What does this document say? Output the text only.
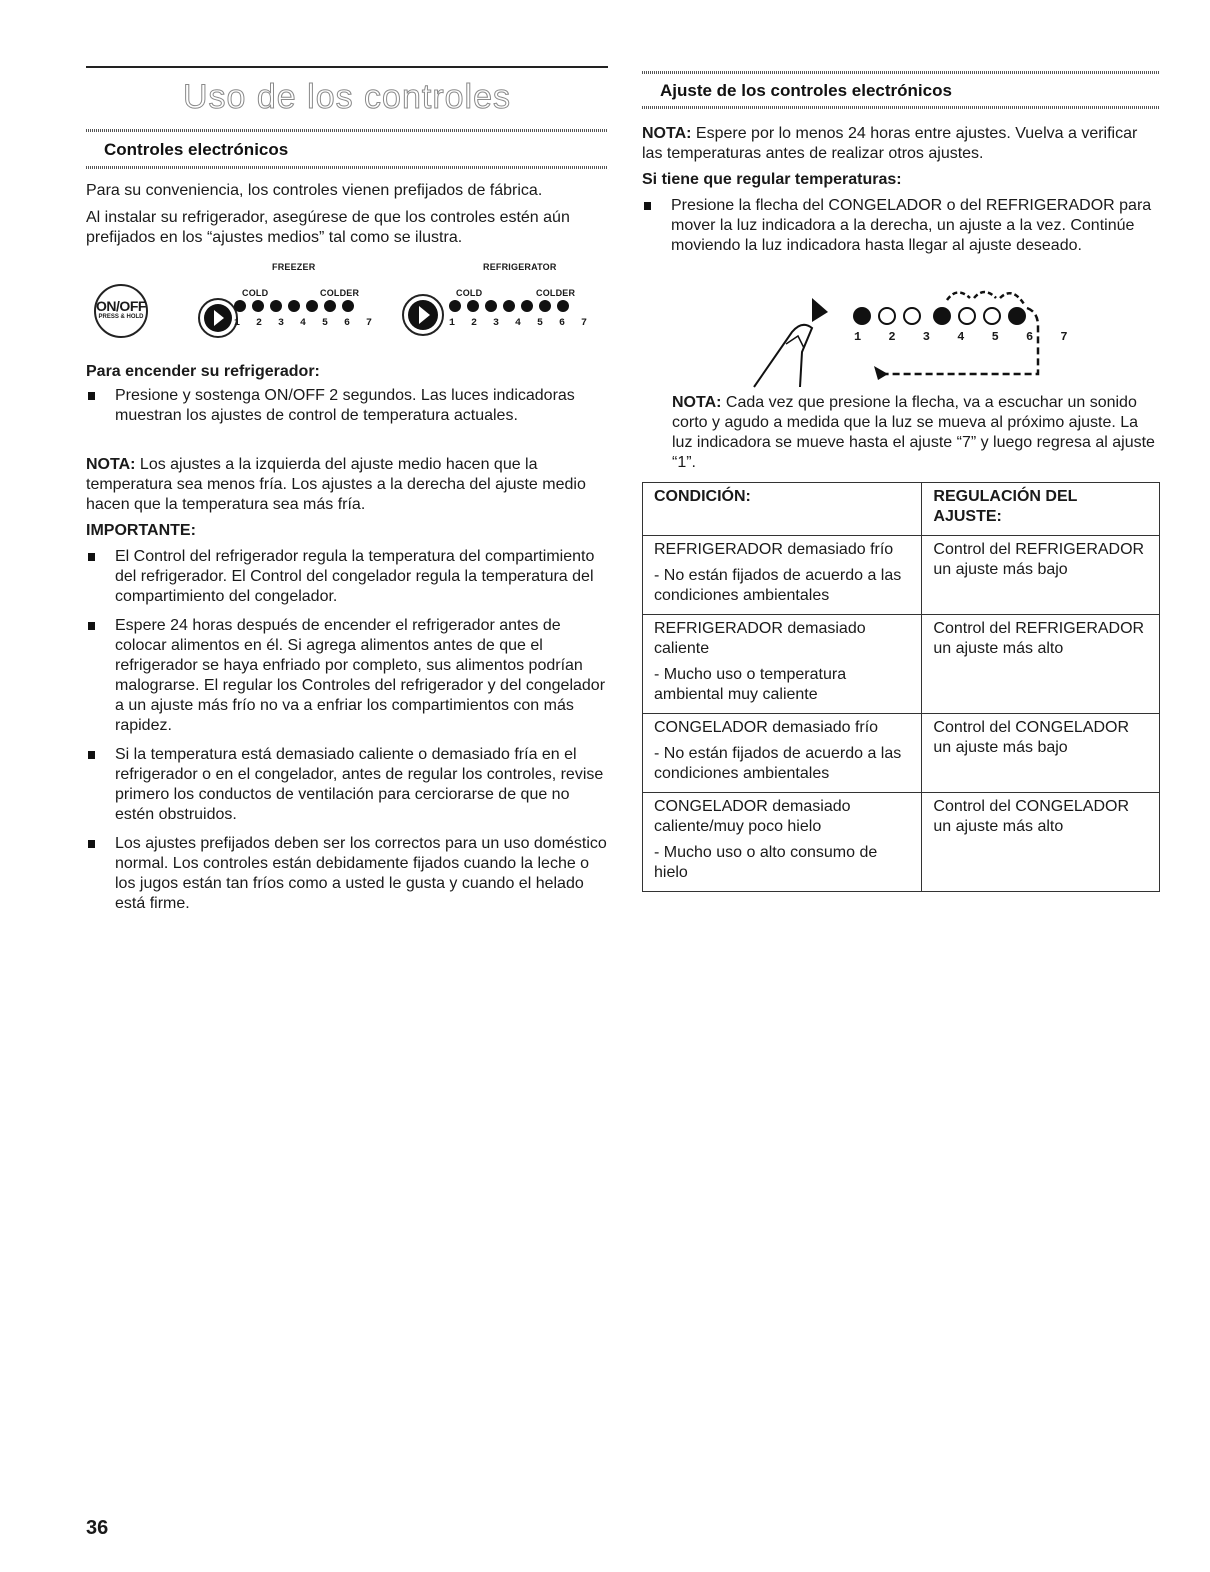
Uso de los controles
Controles electrónicos

Para su conveniencia, los controles vienen prefijados de fábrica.

Al instalar su refrigerador, asegúrese de que los controles estén aún prefijados en los “ajustes medios” tal como se ilustra.

FREEZER	REFRIGERATOR
ON/OFF
PRESS & HOLD
COLD	COLDER
1 2 3 4 5 6 7
COLD	COLDER
1 2 3 4 5 6 7
Para encender su refrigerador:
Presione y sostenga ON/OFF 2 segundos. Las luces indicadoras muestran los ajustes de control de temperatura actuales.

NOTA: Los ajustes a la izquierda del ajuste medio hacen que la temperatura sea menos fría. Los ajustes a la derecha del ajuste medio hacen que la temperatura sea más fría.

IMPORTANTE:
El Control del refrigerador regula la temperatura del compartimiento del refrigerador. El Control del congelador regula la temperatura del compartimiento del congelador.
Espere 24 horas después de encender el refrigerador antes de colocar alimentos en él. Si agrega alimentos antes de que el refrigerador se haya enfriado por completo, sus alimentos podrían malograrse. El regular los Controles del refrigerador y del congelador a un ajuste más frío no va a enfriar los compartimientos con más rapidez.
Si la temperatura está demasiado caliente o demasiado fría en el refrigerador o en el congelador, antes de regular los controles, revise primero los conductos de ventilación para cerciorarse de que no estén obstruidos.
Los ajustes prefijados deben ser los correctos para un uso doméstico normal. Los controles están debidamente fijados cuando la leche o los jugos están tan fríos como a usted le gusta y cuando el helado está firme.
Ajuste de los controles electrónicos

NOTA: Espere por lo menos 24 horas entre ajustes. Vuelva a verificar las temperaturas antes de realizar otros ajustes.

Si tiene que regular temperaturas:
Presione la flecha del CONGELADOR o del REFRIGERADOR para mover la luz indicadora a la derecha, un ajuste a la vez. Continúe moviendo la luz indicadora hasta llegar al ajuste deseado.
1 2 3 4 5 6 7

NOTA: Cada vez que presione la flecha, va a escuchar un sonido corto y agudo a medida que la luz se mueva al próximo ajuste. La luz indicadora se mueve hasta el ajuste “7” y luego regresa al ajuste “1”.

CONDICIÓN:	REGULACIÓN DEL AJUSTE:

REFRIGERADOR demasiado frío
- No están fijados de acuerdo a las condiciones ambientales	Control del REFRIGERADOR un ajuste más bajo

REFRIGERADOR demasiado caliente
- Mucho uso o temperatura ambiental muy caliente	Control del REFRIGERADOR un ajuste más alto

CONGELADOR demasiado frío
- No están fijados de acuerdo a las condiciones ambientales	Control del CONGELADOR un ajuste más bajo

CONGELADOR demasiado caliente/muy poco hielo
- Mucho uso o alto consumo de hielo	Control del CONGELADOR un ajuste más alto
36
